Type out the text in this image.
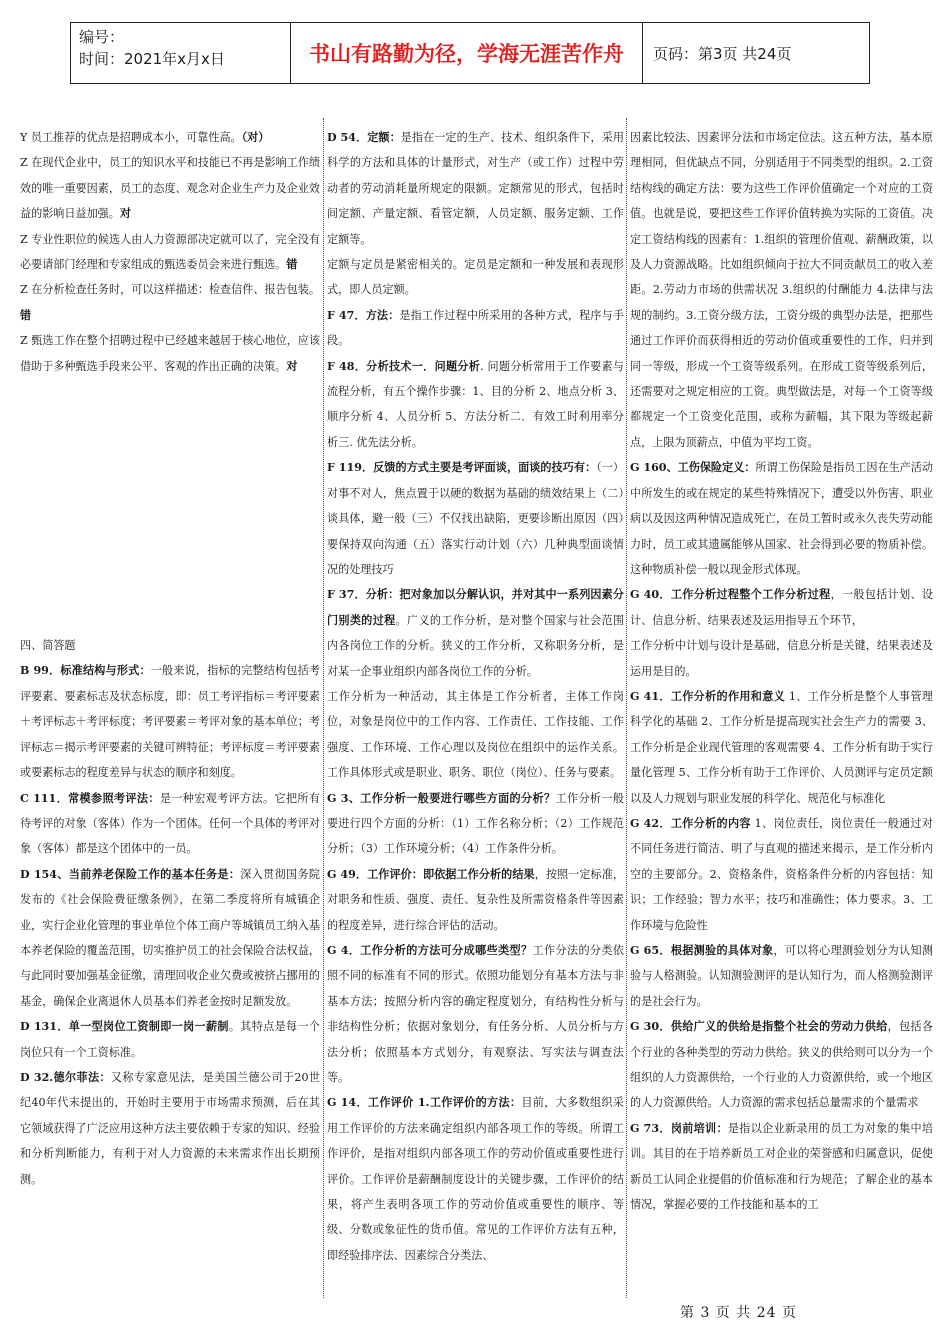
编号：
时间：2021年x月x日	书山有路勤为径，学海无涯苦作舟	页码：第3页 共24页

Y 员工推荐的优点是招聘成本小，可靠性高。（对）

Z 在现代企业中，员工的知识水平和技能已不再是影响工作绩效的唯一重要因素，员工的态度、观念对企业生产力及企业效益的影响日益加强。对

Z 专业性职位的候选人由人力资源部决定就可以了，完全没有必要请部门经理和专家组成的甄选委员会来进行甄选。错

Z 在分析检查任务时，可以这样描述：检查信件、报告包装。错

Z 甄选工作在整个招聘过程中已经越来越居于核心地位，应该借助于多种甄选手段来公平、客观的作出正确的决策。对

四、简答题

B 99．标准结构与形式：一般来说，指标的完整结构包括考评要素、要素标志及状态标度，即：员工考评指标＝考评要素＋考评标志＋考评标度；考评要素＝考评对象的基本单位；考评标志＝揭示考评要素的关键可辨特征；考评标度＝考评要素或要素标志的程度差异与状态的顺序和刻度。

C 111．常模参照考评法：是一种宏观考评方法。它把所有待考评的对象（客体）作为一个团体。任何一个具体的考评对象（客体）都是这个团体中的一员。

D 154、当前养老保险工作的基本任务是：深入贯彻国务院发布的《社会保险费征缴条例》，在第二季度将所有城镇企业，实行企业化管理的事业单位个体工商户等城镇员工纳入基本养老保险的覆盖范围，切实推护员工的社会保险合法权益，与此同时要加强基金征缴，清理回收企业欠费或被挤占挪用的基金，确保企业离退休人员基本们养老金按时足额发放。

D 131．单一型岗位工资制即一岗一薪制。其特点是每一个岗位只有一个工资标准。

D 32.德尔菲法：又称专家意见法，是美国兰德公司于20世纪40年代末提出的，开始时主要用于市场需求预测，后在其它领域获得了广泛应用这种方法主要依赖于专家的知识、经验和分析判断能力，有利于对人力资源的未来需求作出长期预测。

D 54．定额：是指在一定的生产、技术、组织条件下，采用科学的方法和具体的计量形式，对生产（或工作）过程中劳动者的劳动消耗量所规定的限额。定额常见的形式，包括时间定额、产量定额、看管定额，人员定额、服务定额、工作定额等。

定额与定员是紧密相关的。定员是定额和一种发展和表现形式，即人员定额。

F 47．方法：是指工作过程中所采用的各种方式，程序与手段。

F 48．分析技术一．问题分析. 问题分析常用于工作要素与流程分析，有五个操作步骤：1、目的分析 2、地点分析 3、顺序分析 4、人员分析 5、方法分析二．有效工时利用率分析三. 优先法分析。

F 119．反馈的方式主要是考评面谈，面谈的技巧有：（一）对事不对人，焦点置于以硬的数据为基础的绩效结果上（二）谈具体，避一般（三）不仅找出缺陷，更要诊断出原因（四）要保持双向沟通（五）落实行动计划（六）几种典型面谈情况的处理技巧

F 37．分析：把对象加以分解认识，并对其中一系列因素分门别类的过程。广义的工作分析，是对整个国家与社会范围内各岗位工作的分析。狭义的工作分析，又称职务分析，是对某一企事业组织内部各岗位工作的分析。

工作分析为一种活动，其主体是工作分析者，主体工作岗位，对象是岗位中的工作内容、工作责任、工作技能、工作强度、工作环境、工作心理以及岗位在组织中的运作关系。工作具体形式或是职业、职务、职位（岗位）、任务与要素。

G 3、工作分析一般要进行哪些方面的分析？工作分析一般要进行四个方面的分析：（1）工作名称分析；（2）工作规范分析；（3）工作环境分析；（4）工作条件分析。

G 49．工作评价：即依据工作分析的结果，按照一定标准，对职务和性质、强度、责任、复杂性及所需资格条件等因素的程度差异，进行综合评估的活动。

G 4．工作分析的方法可分成哪些类型？工作分法的分类依照不同的标准有不同的形式。依照功能划分有基本方法与非基本方法；按照分析内容的确定程度划分，有结构性分析与非结构性分析；依据对象划分，有任务分析、人员分析与方法分析；依照基本方式划分，有观察法、写实法与调查法等。

G 14．工作评价 1.工作评价的方法：目前，大多数组织采用工作评价的方法来确定组织内部各项工作的等级。所谓工作评价，是指对组织内部各项工作的劳动价值或重要性进行评价。工作评价是薪酬制度设计的关键步骤，工作评价的结果，将产生表明各项工作的劳动价值或重要性的顺序、等级、分数或象征性的货币值。常见的工作评价方法有五种，即经验排序法、因素综合分类法、

因素比较法、因素评分法和市场定位法。这五种方法，基本原理相同，但优缺点不同，分别适用于不同类型的组织。2.工资结构线的确定方法：要为这些工作评价值确定一个对应的工资值。也就是说，要把这些工作评价值转换为实际的工资值。决定工资结构线的因素有：1.组织的管理价值观、薪酬政策，以及人力资源战略。比如组织倾向于拉大不同贡献员工的收入差距。2.劳动力市场的供需状况 3.组织的付酬能力 4.法律与法规的制约。3.工资分级方法，工资分级的典型办法是，把那些通过工作评价而获得相近的劳动价值或重要性的工作，归并到同一等级，形成一个工资等级系列。在形成工资等级系列后，还需要对之规定相应的工资。典型做法是，对每一个工资等级都规定一个工资变化范围，或称为薪幅，其下限为等级起薪点，上限为顶薪点，中值为平均工资。

G 160、工伤保险定义：所谓工伤保险是指员工因在生产活动中所发生的或在规定的某些特殊情况下，遭受以外伤害、职业病以及因这两种情况造成死亡，在员工暂时或永久丧失劳动能力时，员工或其遗属能够从国家、社会得到必要的物质补偿。这种物质补偿一般以现金形式体现。

G 40．工作分析过程整个工作分析过程，一般包括计划、设计、信息分析、结果表述及运用指导五个环节，

工作分析中计划与设计是基础，信息分析是关键，结果表述及运用是目的。

G 41．工作分析的作用和意义 1、工作分析是整个人事管理科学化的基础 2、工作分析是提高现实社会生产力的需要 3、工作分析是企业现代管理的客观需要 4、工作分析有助于实行量化管理 5、工作分析有助于工作评价、人员测评与定员定额以及人力规划与职业发展的科学化、规范化与标准化

G 42．工作分析的内容 1、岗位责任，岗位责任一般通过对不同任务进行简洁、明了与直观的描述来揭示，是工作分析内空的主要部分。2、资格条件，资格条件分析的内容包括：知识；工作经验；智力水平；技巧和准确性；体力要求。3、工作环境与危险性

G 65．根据测验的具体对象，可以将心理测验划分为认知测验与人格测验。认知测验测评的是认知行为，而人格测验测评的是社会行为。

G 30．供给广义的供给是指整个社会的劳动力供给，包括各个行业的各种类型的劳动力供给。狭义的供给则可以分为一个组织的人力资源供给，一个行业的人力资源供给，或一个地区的人力资源供给。人力资源的需求包括总量需求的个量需求

G 73．岗前培训：是指以企业新录用的员工为对象的集中培训。其目的在于培养新员工对企业的荣誉感和归属意识，促使新员工认同企业提倡的价值标准和行为规范；了解企业的基本情况，掌握必要的工作技能和基本的工

第 3 页 共 24 页
